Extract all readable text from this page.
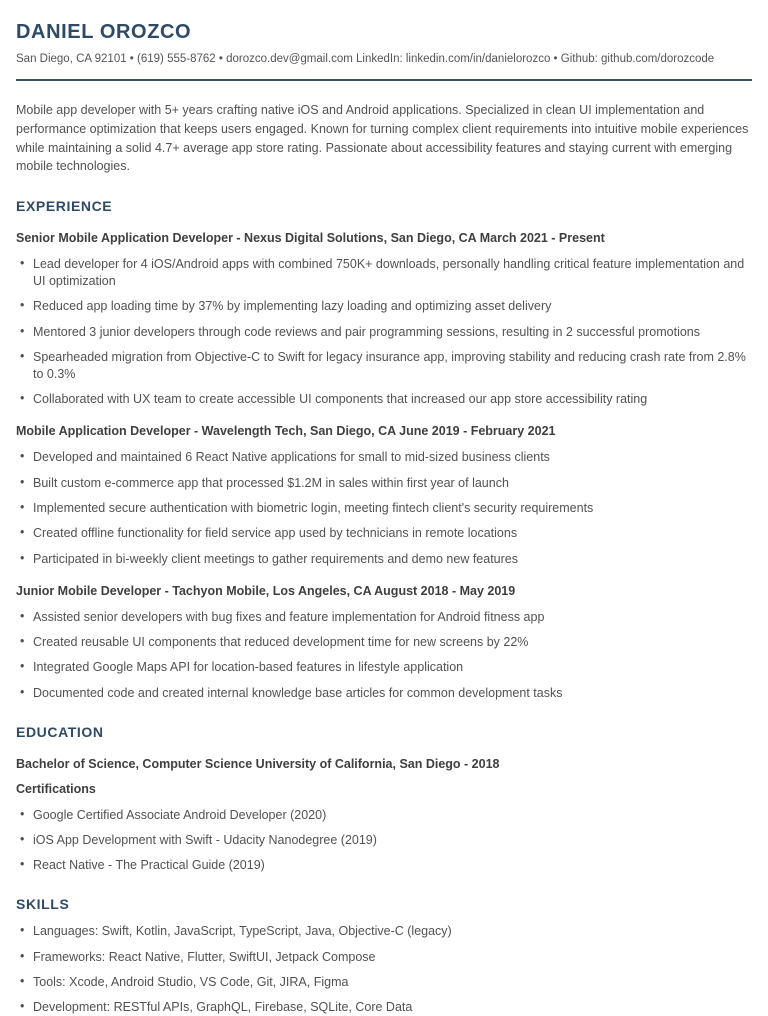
DANIEL OROZCO
San Diego, CA 92101 • (619) 555-8762 • dorozco.dev@gmail.com LinkedIn: linkedin.com/in/danielorozco • Github: github.com/dorozcode

Mobile app developer with 5+ years crafting native iOS and Android applications. Specialized in clean UI implementation and performance optimization that keeps users engaged. Known for turning complex client requirements into intuitive mobile experiences while maintaining a solid 4.7+ average app store rating. Passionate about accessibility features and staying current with emerging mobile technologies.

EXPERIENCE
Senior Mobile Application Developer - Nexus Digital Solutions, San Diego, CA March 2021 - Present
• Lead developer for 4 iOS/Android apps with combined 750K+ downloads, personally handling critical feature implementation and UI optimization
• Reduced app loading time by 37% by implementing lazy loading and optimizing asset delivery
• Mentored 3 junior developers through code reviews and pair programming sessions, resulting in 2 successful promotions
• Spearheaded migration from Objective-C to Swift for legacy insurance app, improving stability and reducing crash rate from 2.8% to 0.3%
• Collaborated with UX team to create accessible UI components that increased our app store accessibility rating
Mobile Application Developer - Wavelength Tech, San Diego, CA June 2019 - February 2021
• Developed and maintained 6 React Native applications for small to mid-sized business clients
• Built custom e-commerce app that processed $1.2M in sales within first year of launch
• Implemented secure authentication with biometric login, meeting fintech client's security requirements
• Created offline functionality for field service app used by technicians in remote locations
• Participated in bi-weekly client meetings to gather requirements and demo new features
Junior Mobile Developer - Tachyon Mobile, Los Angeles, CA August 2018 - May 2019
• Assisted senior developers with bug fixes and feature implementation for Android fitness app
• Created reusable UI components that reduced development time for new screens by 22%
• Integrated Google Maps API for location-based features in lifestyle application
• Documented code and created internal knowledge base articles for common development tasks
EDUCATION
Bachelor of Science, Computer Science University of California, San Diego - 2018
Certifications
• Google Certified Associate Android Developer (2020)
• iOS App Development with Swift - Udacity Nanodegree (2019)
• React Native - The Practical Guide (2019)
SKILLS
• Languages: Swift, Kotlin, JavaScript, TypeScript, Java, Objective-C (legacy)
• Frameworks: React Native, Flutter, SwiftUI, Jetpack Compose
• Tools: Xcode, Android Studio, VS Code, Git, JIRA, Figma
• Development: RESTful APIs, GraphQL, Firebase, SQLite, Core Data
